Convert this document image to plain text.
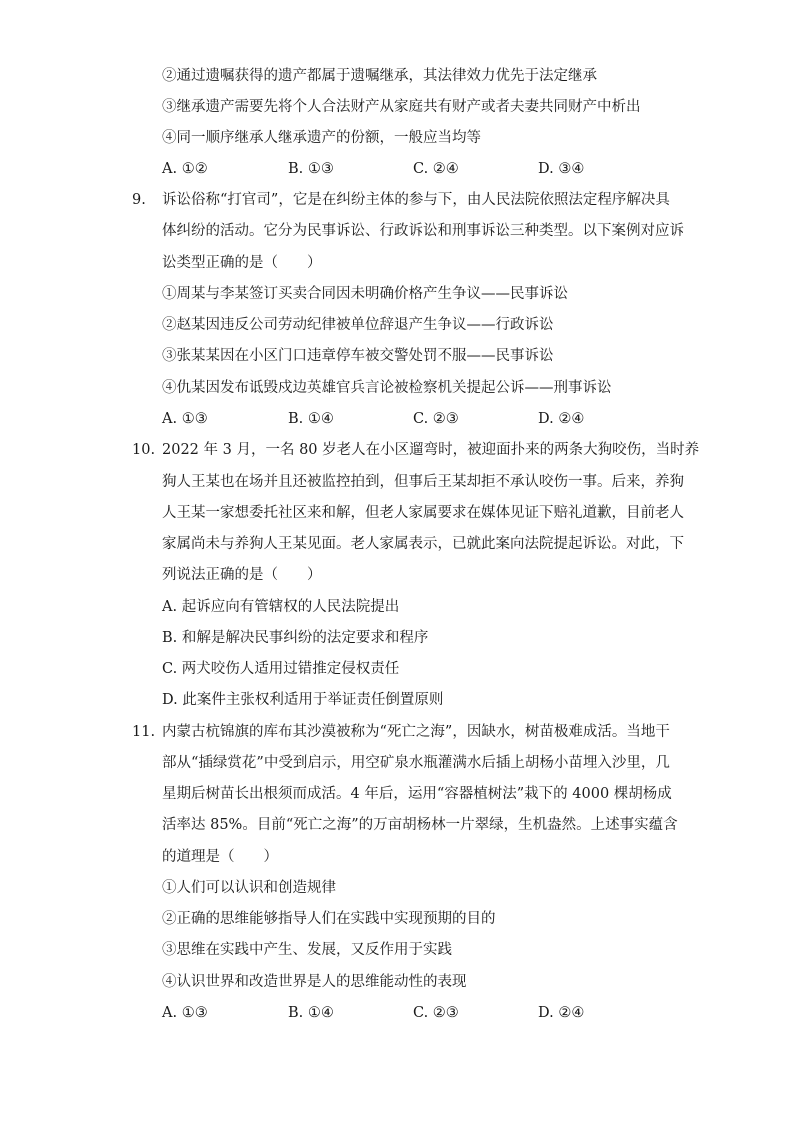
②通过遗嘱获得的遗产都属于遗嘱继承，其法律效力优先于法定继承
③继承遗产需要先将个人合法财产从家庭共有财产或者夫妻共同财产中析出
④同一顺序继承人继承遗产的份额，一般应当均等
A. ①②	B. ①③	C. ②④	D. ③④
9. 诉讼俗称“打官司”，它是在纠纷主体的参与下，由人民法院依照法定程序解决具
体纠纷的活动。它分为民事诉讼、行政诉讼和刑事诉讼三种类型。以下案例对应诉
讼类型正确的是（　　）
①周某与李某签订买卖合同因未明确价格产生争议——民事诉讼
②赵某因违反公司劳动纪律被单位辞退产生争议——行政诉讼
③张某某因在小区门口违章停车被交警处罚不服——民事诉讼
④仇某因发布诋毁戍边英雄官兵言论被检察机关提起公诉——刑事诉讼
A. ①③	B. ①④	C. ②③	D. ②④
10. 2022 年 3 月，一名 80 岁老人在小区遛弯时，被迎面扑来的两条大狗咬伤，当时养
狗人王某也在场并且还被监控拍到，但事后王某却拒不承认咬伤一事。后来，养狗
人王某一家想委托社区来和解，但老人家属要求在媒体见证下赔礼道歉，目前老人
家属尚未与养狗人王某见面。老人家属表示，已就此案向法院提起诉讼。对此，下
列说法正确的是（　　）
A. 起诉应向有管辖权的人民法院提出
B. 和解是解决民事纠纷的法定要求和程序
C. 两犬咬伤人适用过错推定侵权责任
D. 此案件主张权利适用于举证责任倒置原则
11. 内蒙古杭锦旗的库布其沙漠被称为“死亡之海”，因缺水，树苗极难成活。当地干
部从“插绿赏花”中受到启示，用空矿泉水瓶灌满水后插上胡杨小苗埋入沙里，几
星期后树苗长出根须而成活。4 年后，运用“容器植树法”栽下的 4000 棵胡杨成
活率达 85%。目前“死亡之海”的万亩胡杨林一片翠绿，生机盎然。上述事实蕴含
的道理是（　　）
①人们可以认识和创造规律
②正确的思维能够指导人们在实践中实现预期的目的
③思维在实践中产生、发展，又反作用于实践
④认识世界和改造世界是人的思维能动性的表现
A. ①③	B. ①④	C. ②③	D. ②④
